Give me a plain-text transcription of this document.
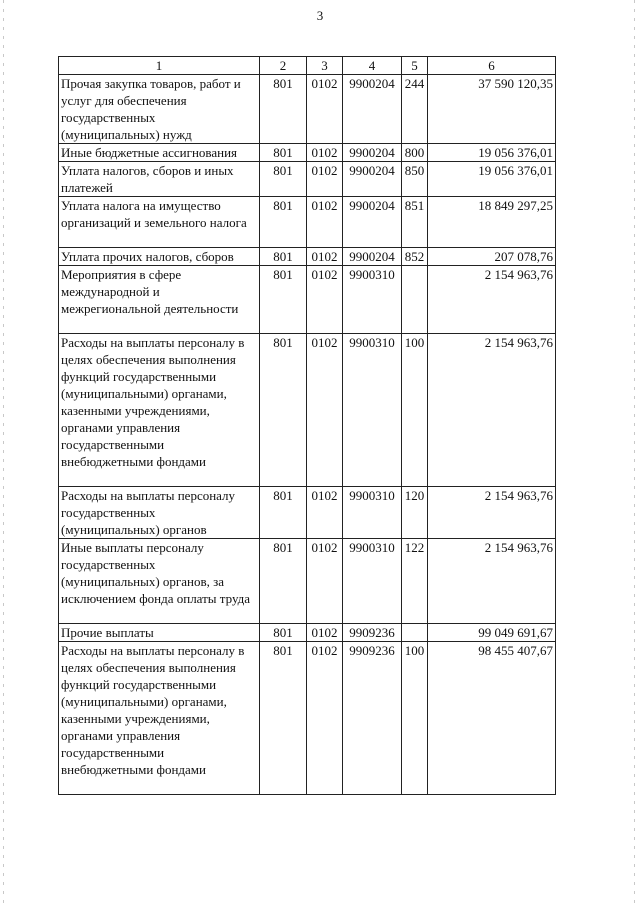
3
1	2	3	4	5	6
Прочая закупка товаров, работ и услуг для обеспечения государственных (муниципальных) нужд	801	0102	9900204	244	37 590 120,35
Иные бюджетные ассигнования	801	0102	9900204	800	19 056 376,01
Уплата налогов, сборов и иных платежей	801	0102	9900204	850	19 056 376,01
Уплата налога на имущество организаций и земельного налога	801	0102	9900204	851	18 849 297,25
Уплата прочих налогов, сборов	801	0102	9900204	852	207 078,76
Мероприятия в сфере международной и межрегиональной деятельности	801	0102	9900310		2 154 963,76
Расходы на выплаты персоналу в целях обеспечения выполнения функций государственными (муниципальными) органами, казенными учреждениями, органами управления государственными внебюджетными фондами	801	0102	9900310	100	2 154 963,76
Расходы на выплаты персоналу государственных (муниципальных) органов	801	0102	9900310	120	2 154 963,76
Иные выплаты персоналу государственных (муниципальных) органов, за исключением фонда оплаты труда	801	0102	9900310	122	2 154 963,76
Прочие выплаты	801	0102	9909236		99 049 691,67
Расходы на выплаты персоналу в целях обеспечения выполнения функций государственными (муниципальными) органами, казенными учреждениями, органами управления государственными внебюджетными фондами	801	0102	9909236	100	98 455 407,67
